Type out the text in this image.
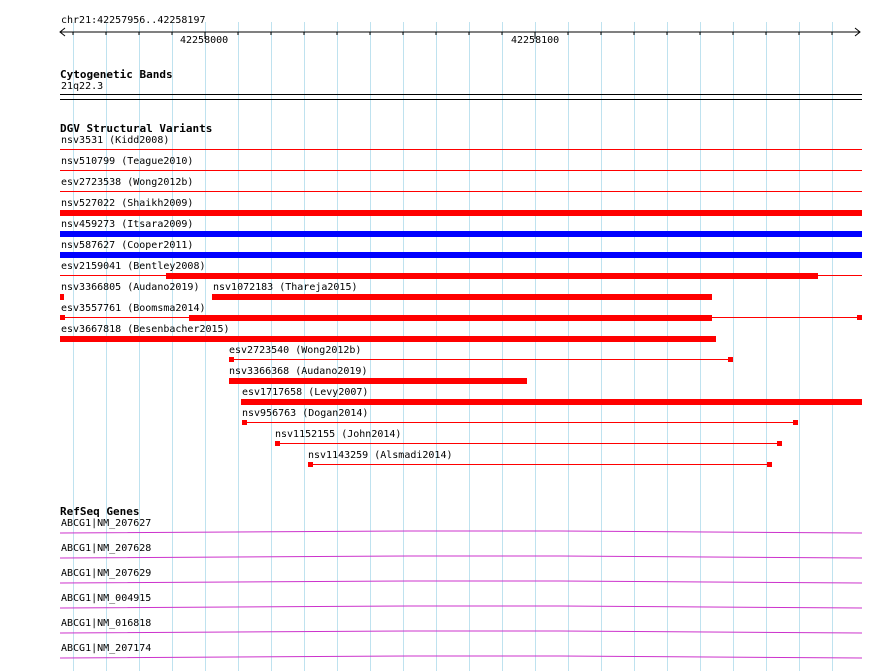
chr21:42257956..42258197
42258000	42258100
Cytogenetic Bands
21q22.3
DGV Structural Variants
nsv3531 (Kidd2008)
nsv510799 (Teague2010)
esv2723538 (Wong2012b)
nsv527022 (Shaikh2009)
nsv459273 (Itsara2009)
nsv587627 (Cooper2011)
esv2159041 (Bentley2008)
nsv3366805 (Audano2019) nsv1072183 (Thareja2015)
esv3557761 (Boomsma2014)
esv3667818 (Besenbacher2015)
esv2723540 (Wong2012b)
nsv3366368 (Audano2019)
esv1717658 (Levy2007)
nsv956763 (Dogan2014)
nsv1152155 (John2014)
nsv1143259 (Alsmadi2014)
RefSeq Genes
ABCG1|NM_207627
ABCG1|NM_207628
ABCG1|NM_207629
ABCG1|NM_004915
ABCG1|NM_016818
ABCG1|NM_207174
